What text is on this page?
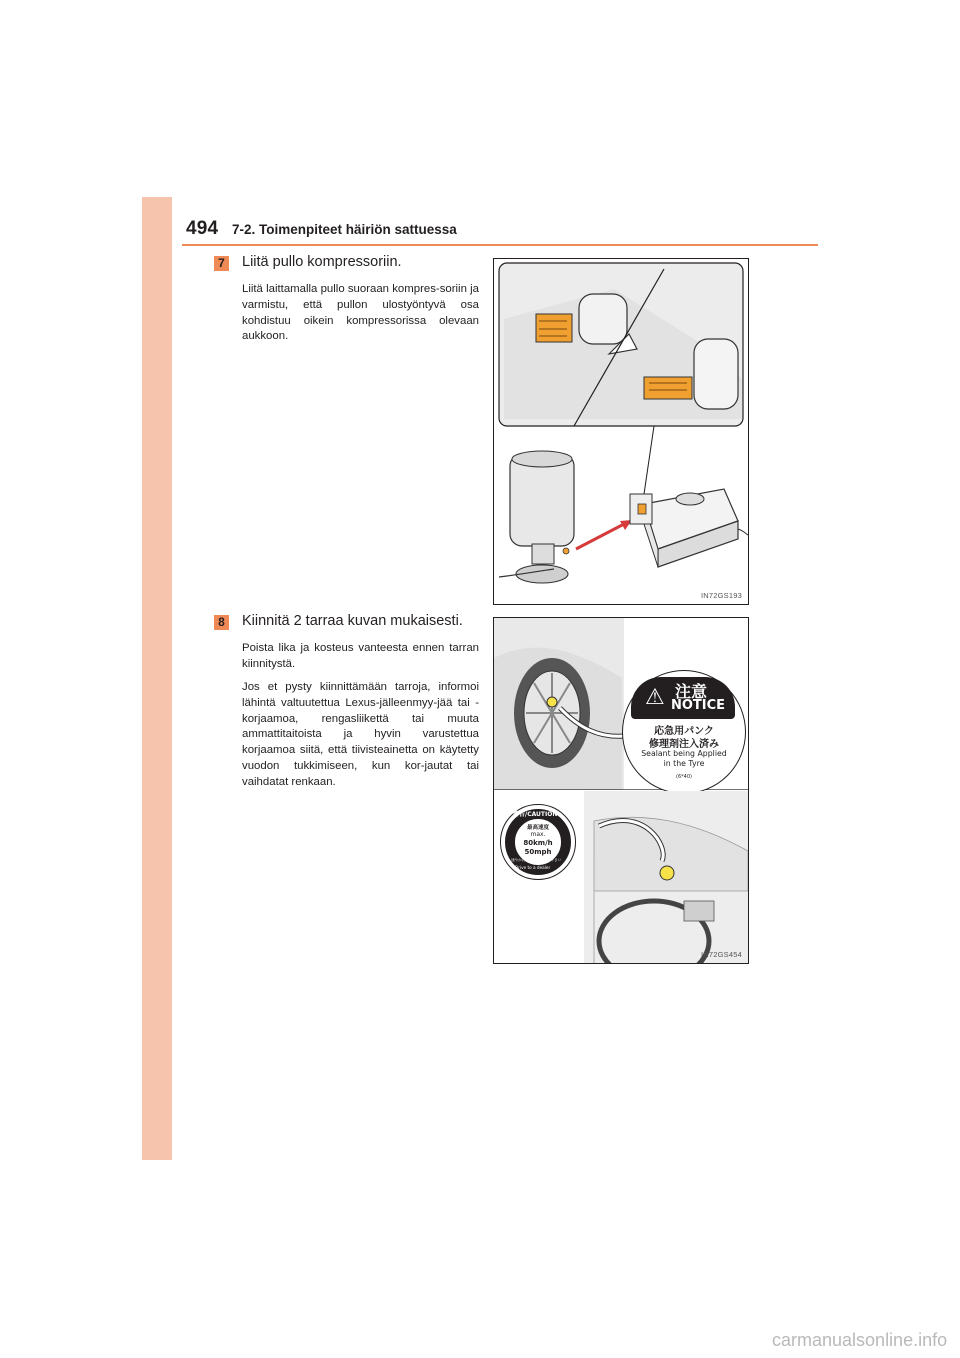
494 7-2. Toimenpiteet häiriön sattuessa
7 Liitä pullo kompressoriin.
Liitä laittamalla pullo suoraan kompres-soriin ja varmistu, että pullon ulostyöntyvä osa kohdistuu oikein kompressorissa olevaan aukkoon.
IN72GS193
8 Kiinnitä 2 tarraa kuvan mukaisesti.
Poista lika ja kosteus vanteesta ennen tarran kiinnitystä.
Jos et pysty kiinnittämään tarroja, informoi lähintä valtuutettua Lexus-jälleenmyy-jää tai -korjaamoa, rengasliikettä tai muuta ammattitaitoista ja hyvin varustettua korjaamoa siitä, että tiivisteainetta on käytetty vuodon tukkimiseen, kun kor-jautat tai vaihdatat renkaan.
⚠ 注意
NOTICE
応急用パンク
修理剤注入済み
Sealant being Applied
in the Tyre
(6*40)
警告/CAUTION
最高速度
max.
80km/h
50mph
Drive to a dealer
速やかに販売店にお越し下さい
IN72GS454
carmanualsonline.info
